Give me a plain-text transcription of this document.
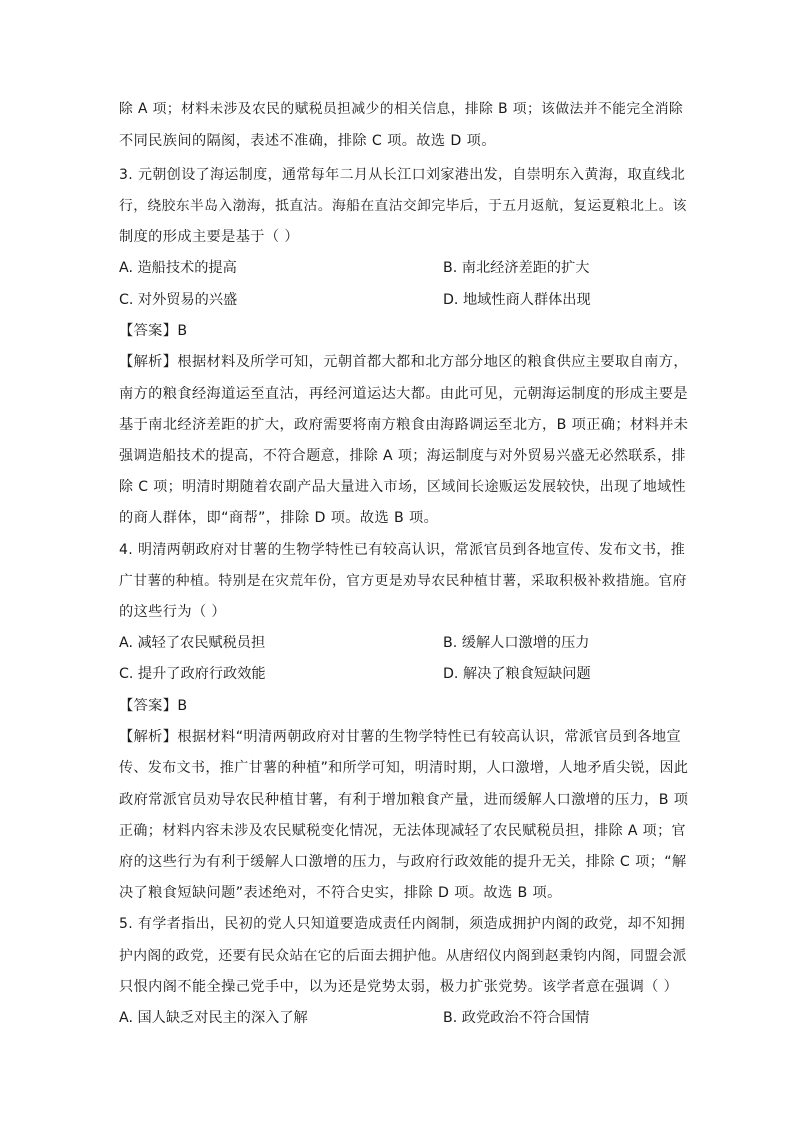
除 A 项；材料未涉及农民的赋税员担减少的相关信息，排除 B 项；该做法并不能完全消除
不同民族间的隔阂，表述不准确，排除 C 项。故选 D 项。
3. 元朝创设了海运制度，通常每年二月从长江口刘家港出发，自崇明东入黄海，取直线北
行，绕胶东半岛入渤海，抵直沽。海船在直沽交卸完毕后，于五月返航，复运夏粮北上。该
制度的形成主要是基于（ ）
A. 造船技术的提高	B. 南北经济差距的扩大
C. 对外贸易的兴盛	D. 地域性商人群体出现
【答案】B
【解析】根据材料及所学可知，元朝首都大都和北方部分地区的粮食供应主要取自南方，
南方的粮食经海道运至直沽，再经河道运达大都。由此可见，元朝海运制度的形成主要是
基于南北经济差距的扩大，政府需要将南方粮食由海路调运至北方，B 项正确；材料并未
强调造船技术的提高，不符合题意，排除 A 项；海运制度与对外贸易兴盛无必然联系，排
除 C 项；明清时期随着农副产品大量进入市场，区域间长途贩运发展较快，出现了地域性
的商人群体，即“商帮”，排除 D 项。故选 B 项。
4. 明清两朝政府对甘薯的生物学特性已有较高认识，常派官员到各地宣传、发布文书，推
广甘薯的种植。特别是在灾荒年份，官方更是劝导农民种植甘薯，采取积极补救措施。官府
的这些行为（ ）
A. 减轻了农民赋税员担	B. 缓解人口激增的压力
C. 提升了政府行政效能	D. 解决了粮食短缺问题
【答案】B
【解析】根据材料“明清两朝政府对甘薯的生物学特性已有较高认识，常派官员到各地宣
传、发布文书，推广甘薯的种植”和所学可知，明清时期，人口激增，人地矛盾尖锐，因此
政府常派官员劝导农民种植甘薯，有利于增加粮食产量，进而缓解人口激增的压力，B 项
正确；材料内容未涉及农民赋税变化情况，无法体现减轻了农民赋税员担，排除 A 项；官
府的这些行为有利于缓解人口激增的压力，与政府行政效能的提升无关，排除 C 项；“解
决了粮食短缺问题”表述绝对，不符合史实，排除 D 项。故选 B 项。
5. 有学者指出，民初的党人只知道要造成责任内阁制，须造成拥护内阁的政党，却不知拥
护内阁的政党，还要有民众站在它的后面去拥护他。从唐绍仪内阁到赵秉钧内阁，同盟会派
只恨内阁不能全操己党手中，以为还是党势太弱，极力扩张党势。该学者意在强调（ ）
A. 国人缺乏对民主的深入了解	B. 政党政治不符合国情
